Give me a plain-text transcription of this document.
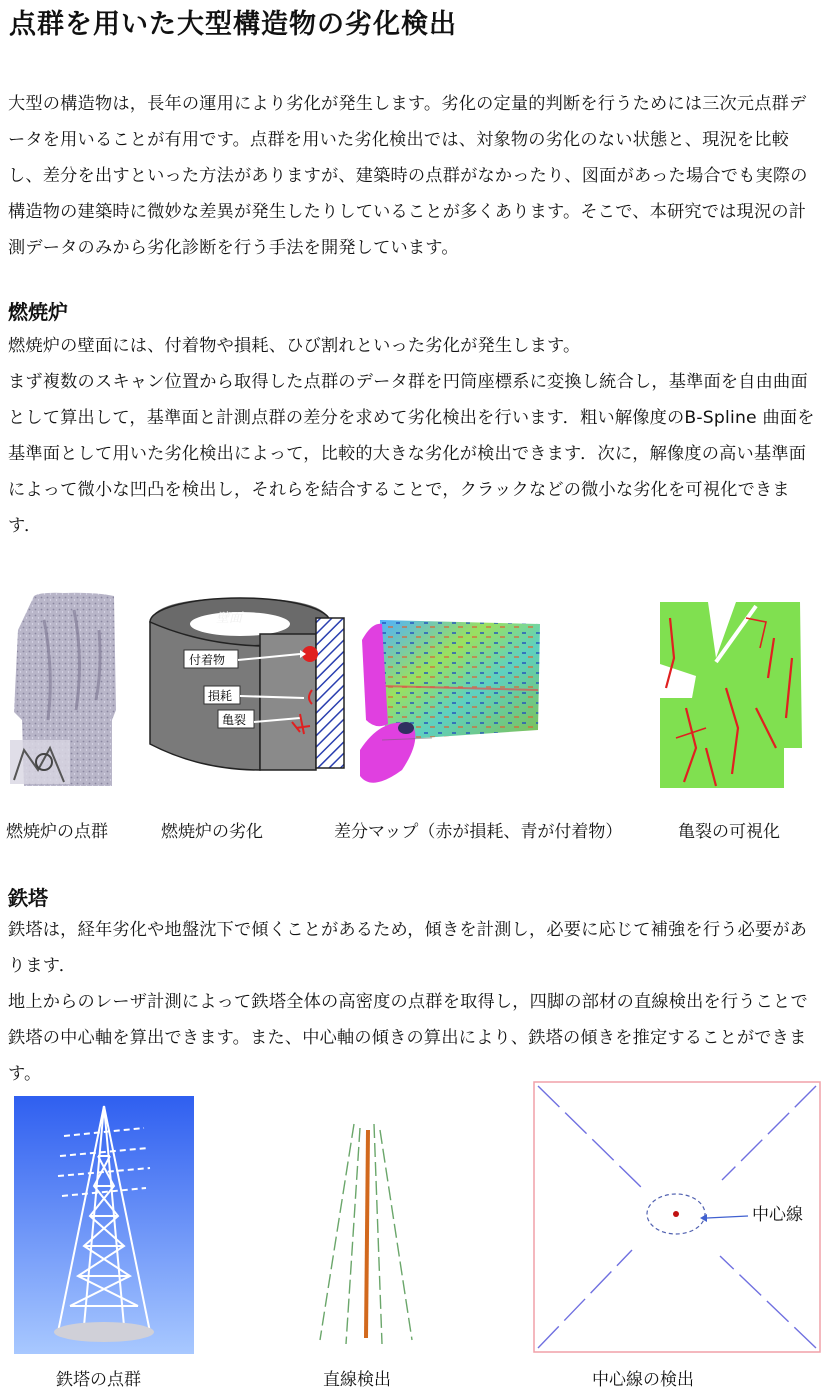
点群を用いた大型構造物の劣化検出

大型の構造物は，長年の運用により劣化が発生します。劣化の定量的判断を行うためには三次元点群データを用いることが有用です。点群を用いた劣化検出では、対象物の劣化のない状態と、現況を比較し、差分を出すといった方法がありますが、建築時の点群がなかったり、図面があった場合でも実際の構造物の建築時に微妙な差異が発生したりしていることが多くあります。そこで、本研究では現況の計測データのみから劣化診断を行う手法を開発しています。

燃焼炉

燃焼炉の壁面には、付着物や損耗、ひび割れといった劣化が発生します。

まず複数のスキャン位置から取得した点群のデータ群を円筒座標系に変換し統合し，基準面を自由曲面として算出して，基準面と計測点群の差分を求めて劣化検出を行います．粗い解像度のB-Spline 曲面を基準面として用いた劣化検出によって，比較的大きな劣化が検出できます．次に，解像度の高い基準面によって微小な凹凸を検出し，それらを結合することで，クラックなどの微小な劣化を可視化できます．

壁面
付着物
損耗
亀裂
燃焼炉の点群	燃焼炉の劣化	差分マップ（赤が損耗、青が付着物）	亀裂の可視化
鉄塔

鉄塔は，経年劣化や地盤沈下で傾くことがあるため，傾きを計測し，必要に応じて補強を行う必要があります．

地上からのレーザ計測によって鉄塔全体の高密度の点群を取得し，四脚の部材の直線検出を行うことで鉄塔の中心軸を算出できます。また、中心軸の傾きの算出により、鉄塔の傾きを推定することができます。

中心線
鉄塔の点群	直線検出	中心線の検出
